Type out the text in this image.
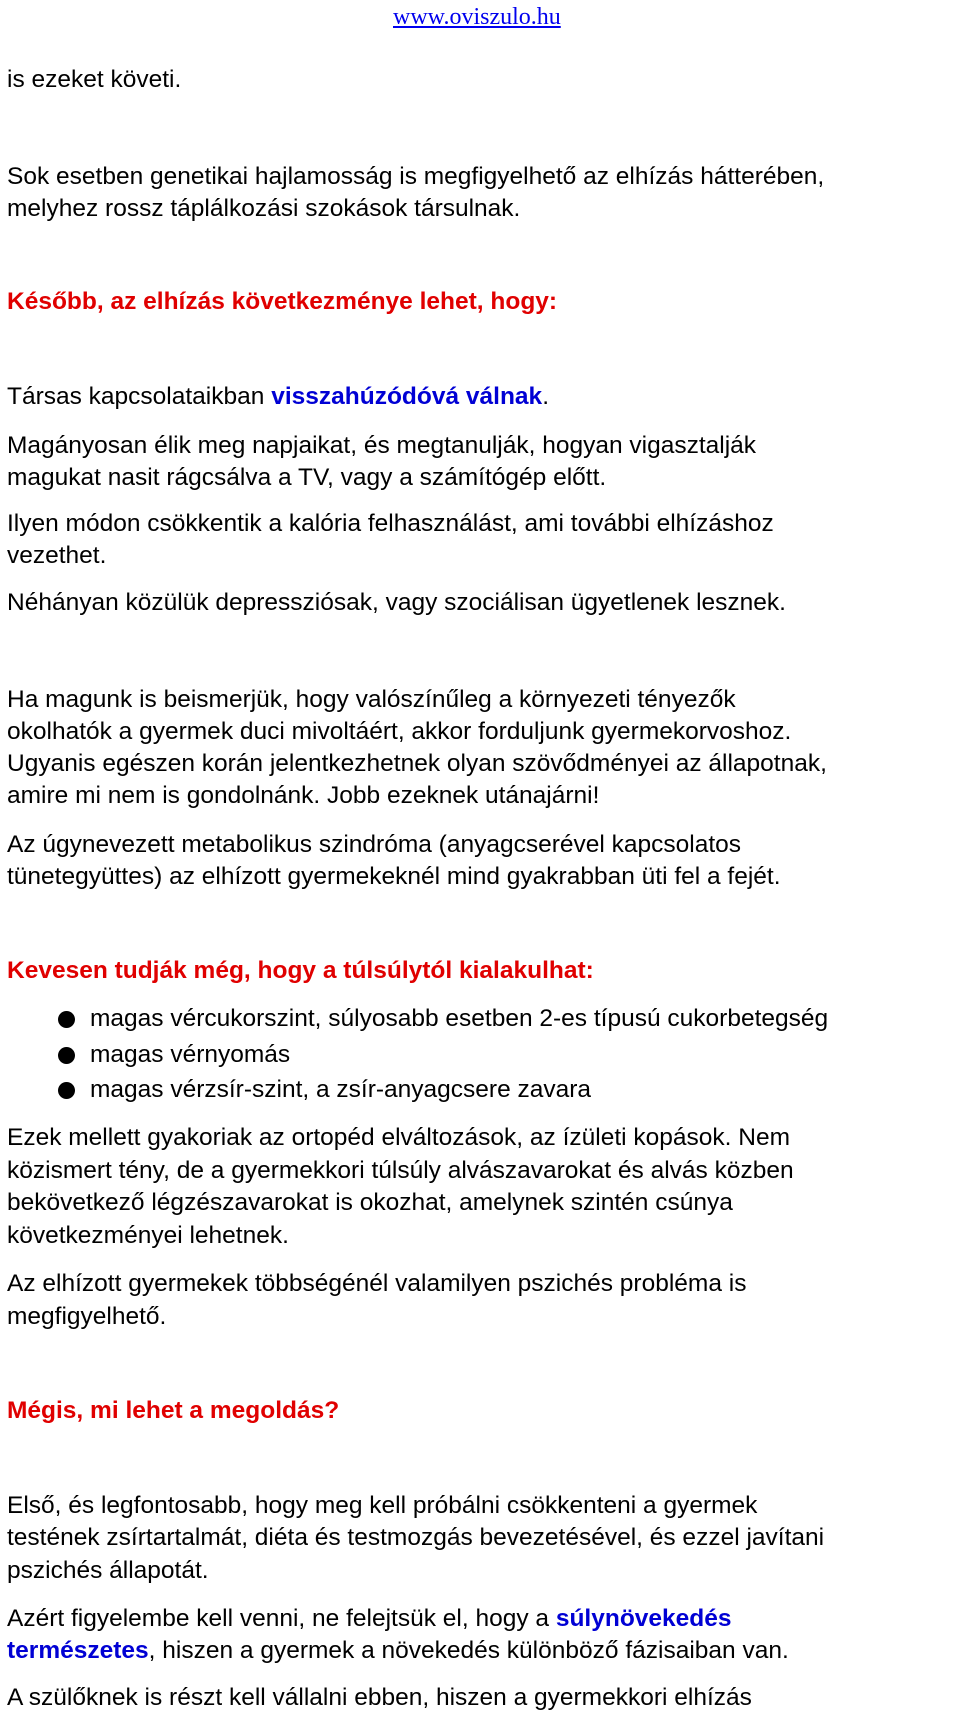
www.oviszulo.hu
is ezeket követi.
Sok esetben genetikai hajlamosság is megfigyelhető az elhízás hátterében,
melyhez rossz táplálkozási szokások társulnak.
Később, az elhízás következménye lehet, hogy:
Társas kapcsolataikban visszahúzódóvá válnak.
Magányosan élik meg napjaikat, és megtanulják, hogyan vigasztalják
magukat nasit rágcsálva a TV, vagy a számítógép előtt.
Ilyen módon csökkentik a kalória felhasználást, ami további elhízáshoz
vezethet.
Néhányan közülük depressziósak, vagy szociálisan ügyetlenek lesznek.
Ha magunk is beismerjük, hogy valószínűleg a környezeti tényezők
okolhatók a gyermek duci mivoltáért, akkor forduljunk gyermekorvoshoz.
Ugyanis egészen korán jelentkezhetnek olyan szövődményei az állapotnak,
amire mi nem is gondolnánk. Jobb ezeknek utánajárni!
Az úgynevezett metabolikus szindróma (anyagcserével kapcsolatos
tünetegyüttes) az elhízott gyermekeknél mind gyakrabban üti fel a fejét.
Kevesen tudják még, hogy a túlsúlytól kialakulhat:
magas vércukorszint, súlyosabb esetben 2-es típusú cukorbetegség
magas vérnyomás
magas vérzsír-szint, a zsír-anyagcsere zavara
Ezek mellett gyakoriak az ortopéd elváltozások, az ízületi kopások. Nem
közismert tény, de a gyermekkori túlsúly alvászavarokat és alvás közben
bekövetkező légzészavarokat is okozhat, amelynek szintén csúnya
következményei lehetnek.
Az elhízott gyermekek többségénél valamilyen pszichés probléma is
megfigyelhető.
Mégis, mi lehet a megoldás?
Első, és legfontosabb, hogy meg kell próbálni csökkenteni a gyermek
testének zsírtartalmát, diéta és testmozgás bevezetésével, és ezzel javítani
pszichés állapotát.
Azért figyelembe kell venni, ne felejtsük el, hogy a súlynövekedés
természetes, hiszen a gyermek a növekedés különböző fázisaiban van.
A szülőknek is részt kell vállalni ebben, hiszen a gyermekkori elhízás
